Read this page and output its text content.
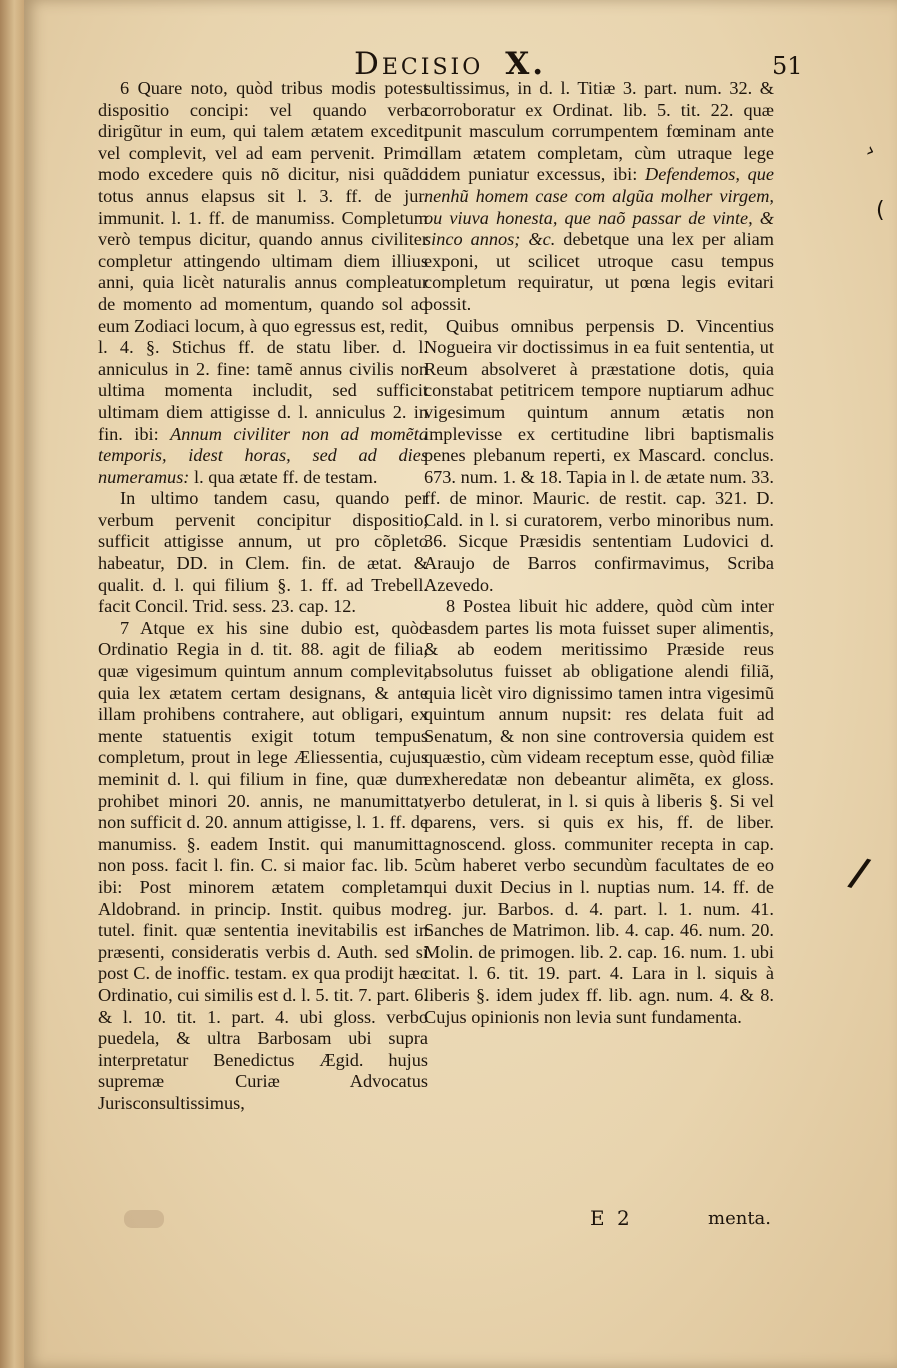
Decisio X.	51
›
(
/

6 Quare noto, quòd tribus modis potest dispositio concipi: vel quando verba dirigũtur in eum, qui talem ætatem excedit, vel complevit, vel ad eam pervenit. Primo modo excedere quis nõ dicitur, nisi quãdo totus annus elapsus sit l. 3. ff. de jur. immunit. l. 1. ff. de manumiss. Completum verò tempus dicitur, quando annus civiliter completur attingendo ultimam diem illius anni, quia licèt naturalis annus compleatur de momento ad momentum, quando sol ad eum Zodiaci locum, à quo egressus est, redit, l. 4. §. Stichus ff. de statu liber. d. l. anniculus in 2. fine: tamẽ annus civilis non ultima momenta includit, sed sufficit ultimam diem attigisse d. l. anniculus 2. in fin. ibi: Annum civiliter non ad momẽta temporis, idest horas, sed ad dies numeramus: l. qua ætate ff. de testam.

In ultimo tandem casu, quando per verbum pervenit concipitur dispositio, sufficit attigisse annum, ut pro cõpleto habeatur, DD. in Clem. fin. de ætat. & qualit. d. l. qui filium §. 1. ff. ad Trebell. facit Concil. Trid. sess. 23. cap. 12.

7 Atque ex his sine dubio est, quòd Ordinatio Regia in d. tit. 88. agit de filia, quæ vigesimum quintum annum complevit, quia lex ætatem certam designans, & ante illam prohibens contrahere, aut obligari, ex mente statuentis exigit totum tempus completum, prout in lege Æliessentia, cujus meminit d. l. qui filium in fine, quæ dum prohibet minori 20. annis, ne manumittat, non sufficit d. 20. annum attigisse, l. 1. ff. de manumiss. §. eadem Instit. qui manumitt. non poss. facit l. fin. C. si maior fac. lib. 5. ibi: Post minorem ætatem completam: Aldobrand. in princip. Instit. quibus mod. tutel. finit. quæ sententia inevitabilis est in præsenti, consideratis verbis d. Auth. sed si post C. de inoffic. testam. ex qua prodijt hæc Ordinatio, cui similis est d. l. 5. tit. 7. part. 6. & l. 10. tit. 1. part. 4. ubi gloss. verbo puedela, & ultra Barbosam ubi supra interpretatur Benedictus Ægid. hujus supremæ Curiæ Advocatus Jurisconsultissimus,

sultissimus, in d. l. Titiæ 3. part. num. 32. & corroboratur ex Ordinat. lib. 5. tit. 22. quæ punit masculum corrumpentem fœminam ante illam ætatem completam, cùm utraque lege idem puniatur excessus, ibi: Defendemos, que nenhũ homem case com algũa molher virgem, ou viuva honesta, que naõ passar de vinte, & sinco annos; &c. debetque una lex per aliam exponi, ut scilicet utroque casu tempus completum requiratur, ut pœna legis evitari possit.

Quibus omnibus perpensis D. Vincentius Nogueira vir doctissimus in ea fuit sententia, ut Reum absolveret à præstatione dotis, quia constabat petitricem tempore nuptiarum adhuc vigesimum quintum annum ætatis non implevisse ex certitudine libri baptismalis penes plebanum reperti, ex Mascard. conclus. 673. num. 1. & 18. Tapia in l. de ætate num. 33. ff. de minor. Mauric. de restit. cap. 321. D. Cald. in l. si curatorem, verbo minoribus num. 36. Sicque Præsidis sententiam Ludovici d. Araujo de Barros confirmavimus, Scriba Azevedo.

8 Postea libuit hic addere, quòd cùm inter easdem partes lis mota fuisset super alimentis, & ab eodem meritissimo Præside reus absolutus fuisset ab obligatione alendi filiã, quia licèt viro dignissimo tamen intra vigesimũ quintum annum nupsit: res delata fuit ad Senatum, & non sine controversia quidem est quæstio, cùm videam receptum esse, quòd filiæ exheredatæ non debeantur alimẽta, ex gloss. verbo detulerat, in l. si quis à liberis §. Si vel parens, vers. si quis ex his, ff. de liber. agnoscend. gloss. communiter recepta in cap. cùm haberet verbo secundùm facultates de eo qui duxit Decius in l. nuptias num. 14. ff. de reg. jur. Barbos. d. 4. part. l. 1. num. 41. Sanches de Matrimon. lib. 4. cap. 46. num. 20. Molin. de primogen. lib. 2. cap. 16. num. 1. ubi citat. l. 6. tit. 19. part. 4. Lara in l. siquis à liberis §. idem judex ff. lib. agn. num. 4. & 8. Cujus opinionis non levia sunt fundamenta.

E 2	menta.
